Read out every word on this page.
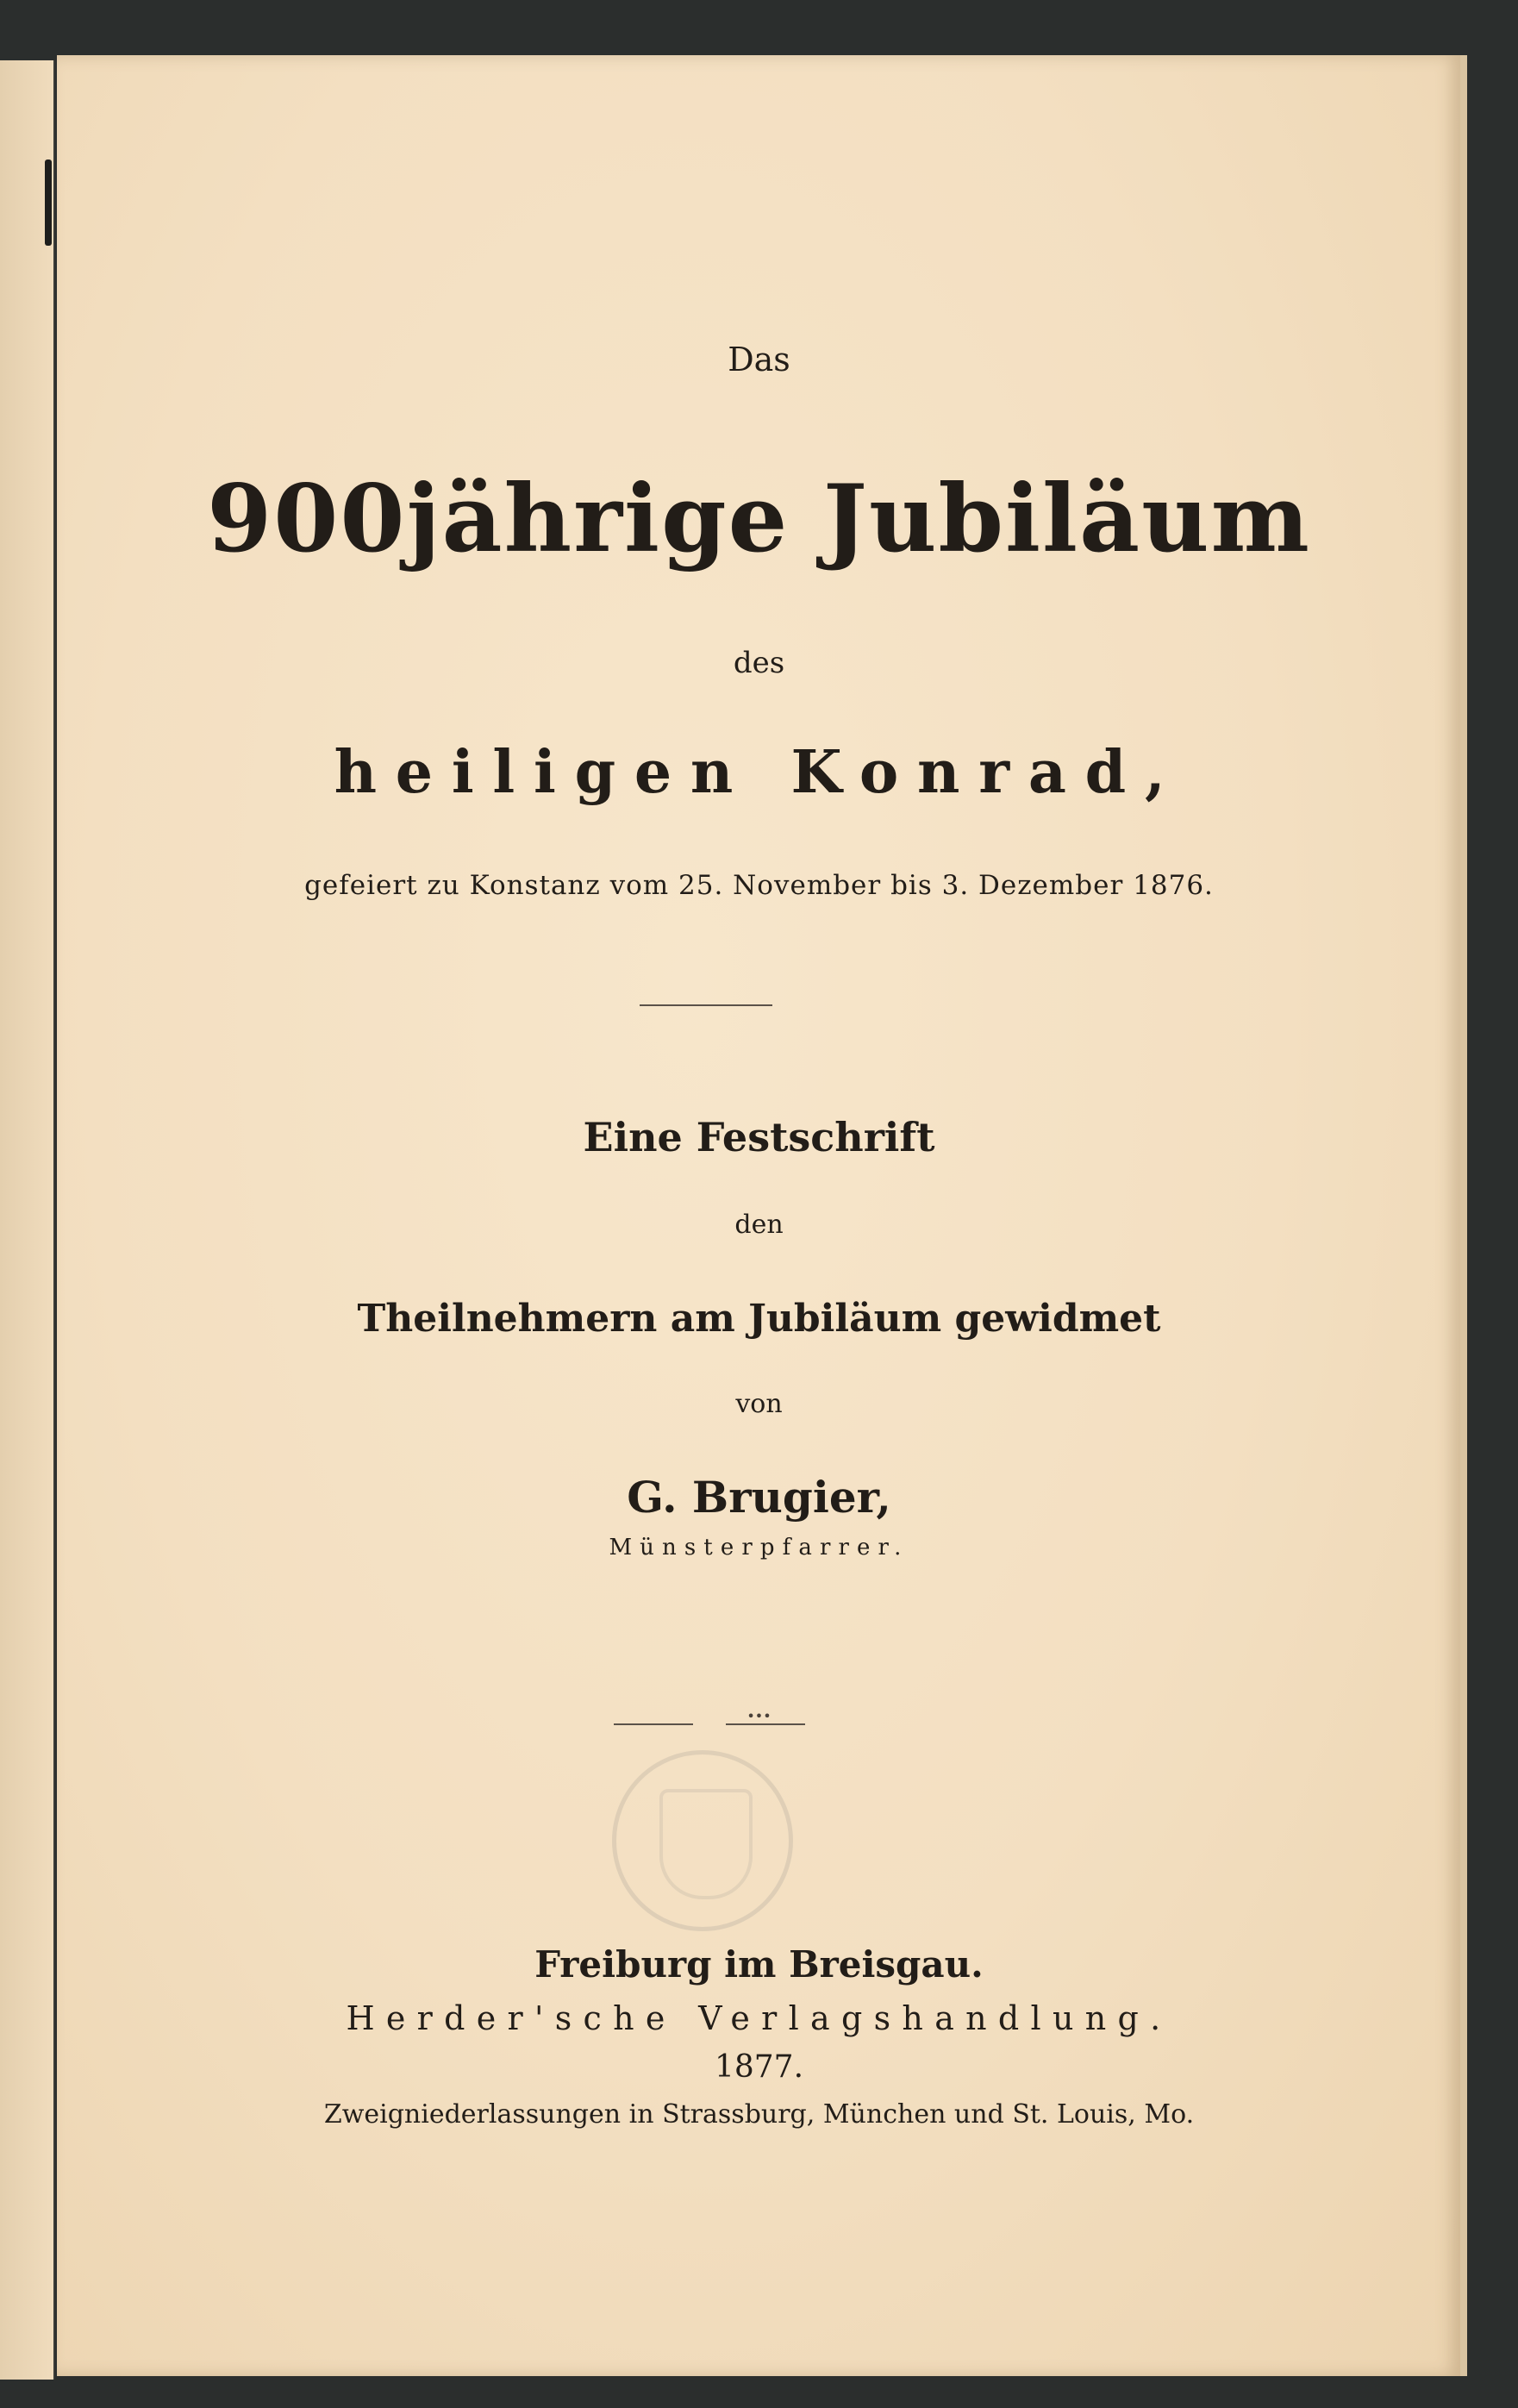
Das
900jährige Jubiläum
des
heiligen Konrad,
gefeiert zu Konstanz vom 25. November bis 3. Dezember 1876.
Eine Festschrift
den
Theilnehmern am Jubiläum gewidmet
von
G. Brugier,
Münsterpfarrer.
•••
Freiburg im Breisgau.
Herder'sche Verlagshandlung.
1877.
Zweigniederlassungen in Strassburg, München und St. Louis, Mo.
